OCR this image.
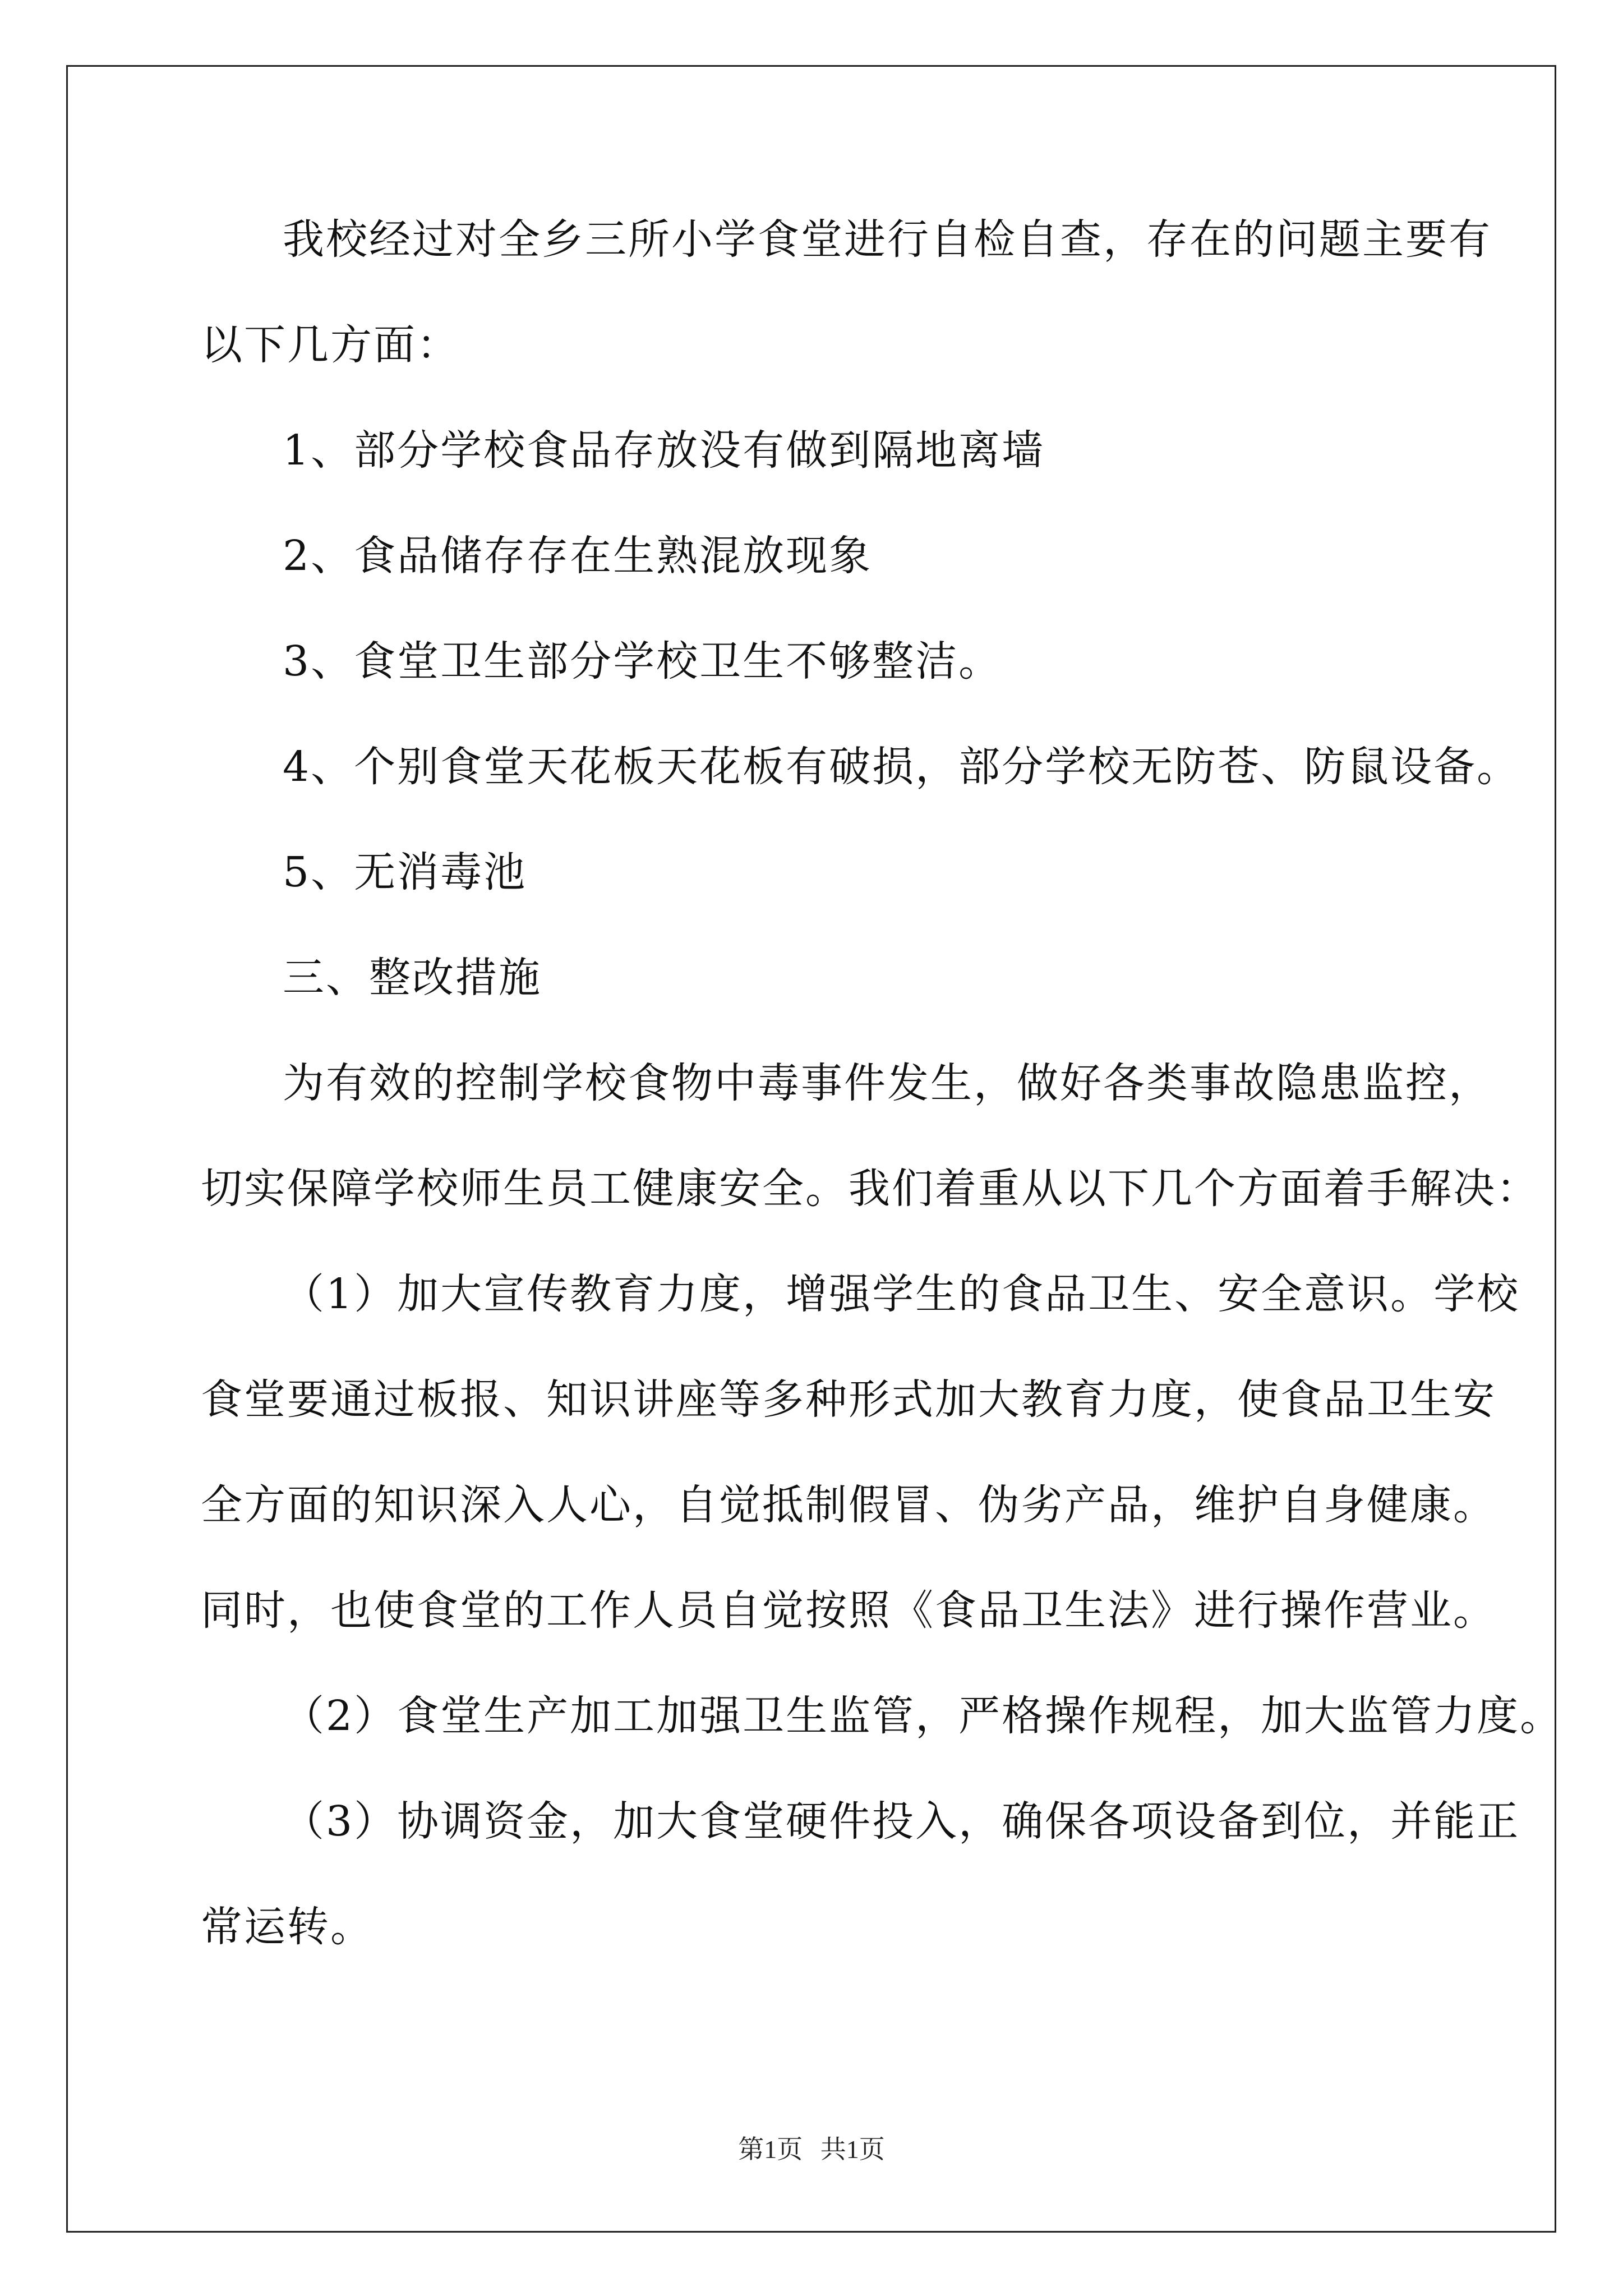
我校经过对全乡三所小学食堂进行自检自查，存在的问题主要有
以下几方面：
1、部分学校食品存放没有做到隔地离墙
2、食品储存存在生熟混放现象
3、食堂卫生部分学校卫生不够整洁。
4、个别食堂天花板天花板有破损，部分学校无防苍、防鼠设备。
5、无消毒池
三、整改措施
为有效的控制学校食物中毒事件发生，做好各类事故隐患监控，
切实保障学校师生员工健康安全。我们着重从以下几个方面着手解决：
（1）加大宣传教育力度，增强学生的食品卫生、安全意识。学校
食堂要通过板报、知识讲座等多种形式加大教育力度，使食品卫生安
全方面的知识深入人心，自觉抵制假冒、伪劣产品，维护自身健康。
同时，也使食堂的工作人员自觉按照《食品卫生法》进行操作营业。
（2）食堂生产加工加强卫生监管，严格操作规程，加大监管力度。
（3）协调资金，加大食堂硬件投入，确保各项设备到位，并能正
常运转。
第1页 共1页
